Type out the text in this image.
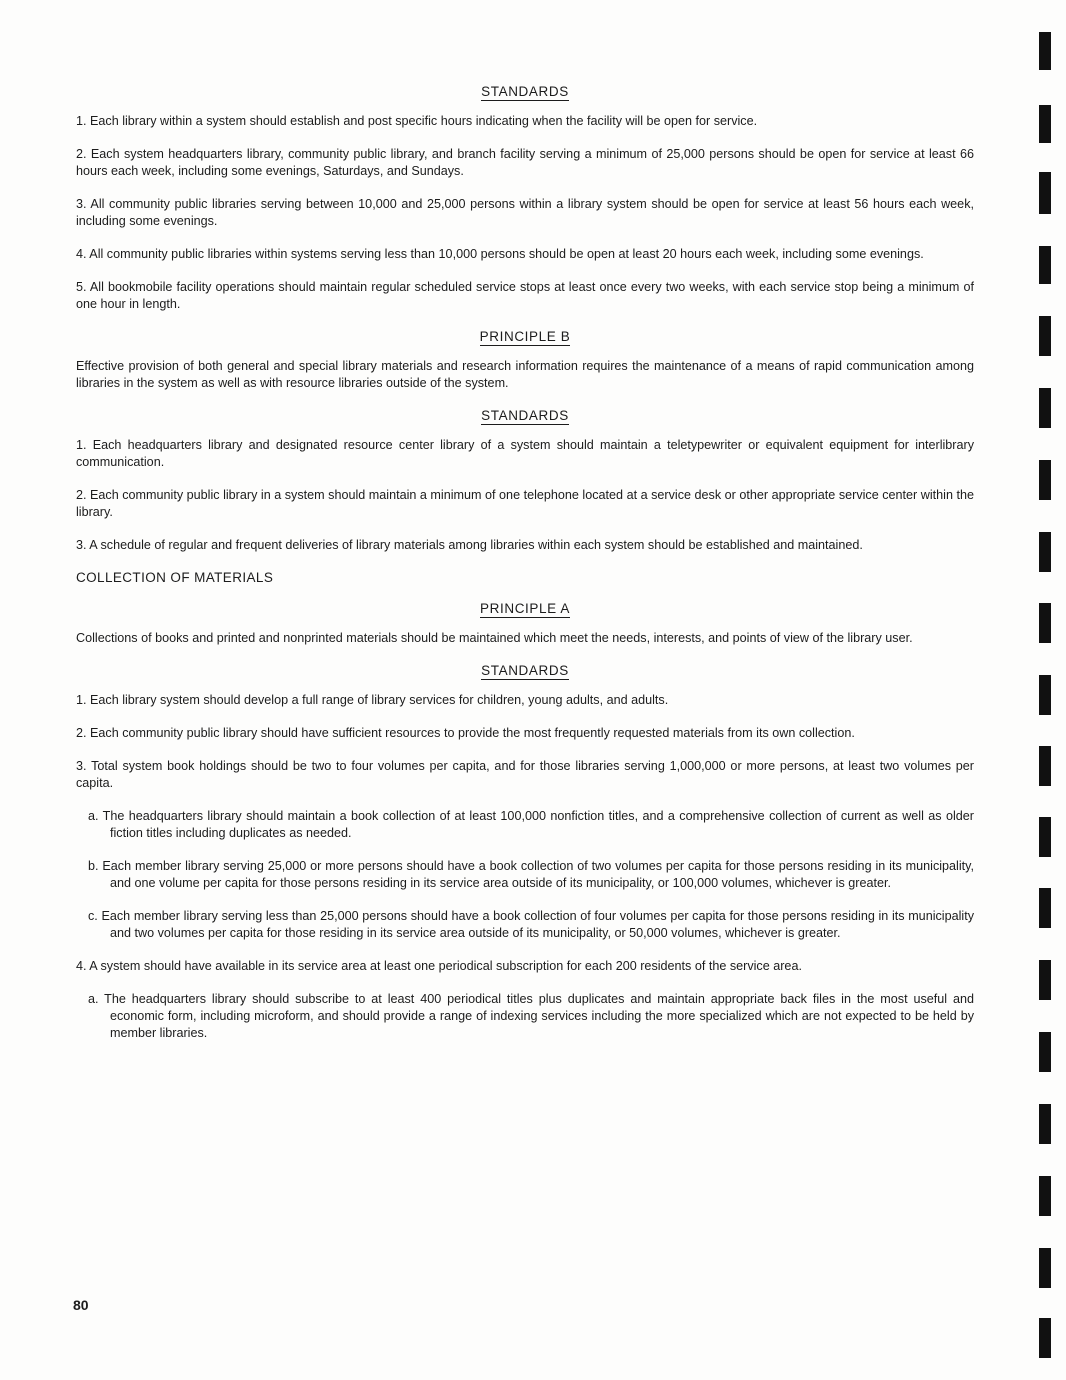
STANDARDS

1. Each library within a system should establish and post specific hours indicating when the facility will be open for service.

2. Each system headquarters library, community public library, and branch facility serving a minimum of 25,000 persons should be open for service at least 66 hours each week, including some evenings, Saturdays, and Sundays.

3. All community public libraries serving between 10,000 and 25,000 persons within a library system should be open for service at least 56 hours each week, including some evenings.

4. All community public libraries within systems serving less than 10,000 persons should be open at least 20 hours each week, including some evenings.

5. All bookmobile facility operations should maintain regular scheduled service stops at least once every two weeks, with each service stop being a minimum of one hour in length.

PRINCIPLE B

Effective provision of both general and special library materials and research information requires the maintenance of a means of rapid communication among libraries in the system as well as with resource libraries outside of the system.

STANDARDS

1. Each headquarters library and designated resource center library of a system should maintain a teletypewriter or equivalent equipment for interlibrary communication.

2. Each community public library in a system should maintain a minimum of one telephone located at a service desk or other appropriate service center within the library.

3. A schedule of regular and frequent deliveries of library materials among libraries within each system should be established and maintained.

COLLECTION OF MATERIALS
PRINCIPLE A

Collections of books and printed and nonprinted materials should be maintained which meet the needs, interests, and points of view of the library user.

STANDARDS

1. Each library system should develop a full range of library services for children, young adults, and adults.

2. Each community public library should have sufficient resources to provide the most frequently requested materials from its own collection.

3. Total system book holdings should be two to four volumes per capita, and for those libraries serving 1,000,000 or more persons, at least two volumes per capita.

a. The headquarters library should maintain a book collection of at least 100,000 nonfiction titles, and a comprehensive collection of current as well as older fiction titles including duplicates as needed.

b. Each member library serving 25,000 or more persons should have a book collection of two volumes per capita for those persons residing in its municipality, and one volume per capita for those persons residing in its service area outside of its municipality, or 100,000 volumes, whichever is greater.

c. Each member library serving less than 25,000 persons should have a book collection of four volumes per capita for those persons residing in its municipality and two volumes per capita for those residing in its service area outside of its municipality, or 50,000 volumes, whichever is greater.

4. A system should have available in its service area at least one periodical subscription for each 200 residents of the service area.

a. The headquarters library should subscribe to at least 400 periodical titles plus duplicates and maintain appropriate back files in the most useful and economic form, including microform, and should provide a range of indexing services including the more specialized which are not expected to be held by member libraries.

80
